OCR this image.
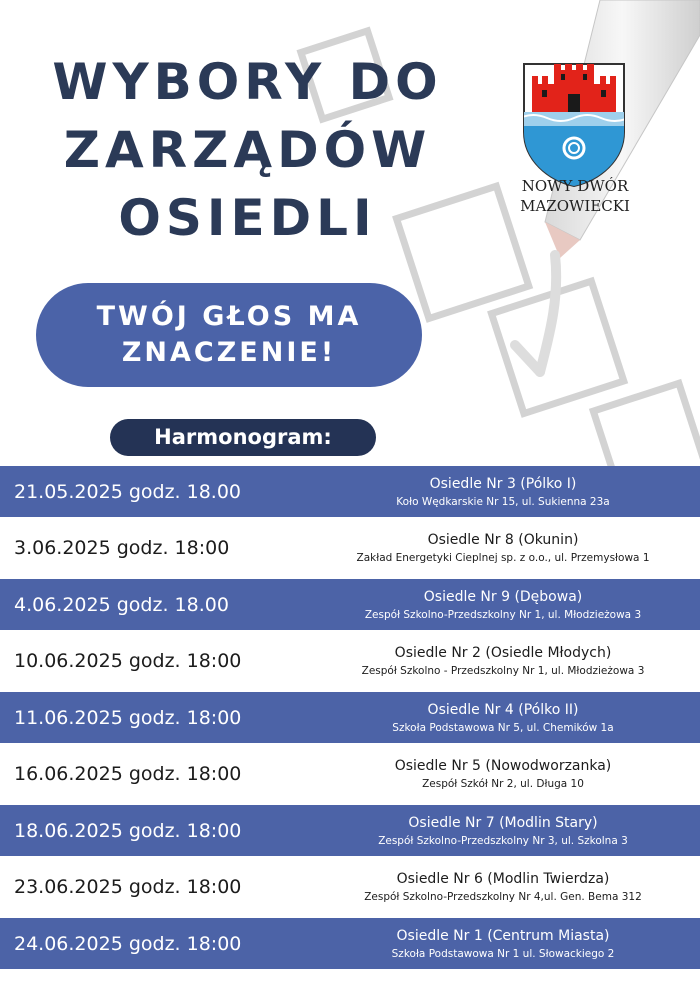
WYBORY DO
ZARZĄDÓW
OSIEDLI
NOWY DWÓR
MAZOWIECKI
TWÓJ GŁOS MA
ZNACZENIE!
Harmonogram:
21.05.2025 godz. 18.00	Osiedle Nr 3 (Pólko I)
Koło Wędkarskie Nr 15, ul. Sukienna 23a
3.06.2025 godz. 18:00	Osiedle Nr 8 (Okunin)
Zakład Energetyki Cieplnej sp. z o.o., ul. Przemysłowa 1
4.06.2025 godz. 18.00	Osiedle Nr 9 (Dębowa)
Zespół Szkolno-Przedszkolny Nr 1, ul. Młodzieżowa 3
10.06.2025 godz. 18:00	Osiedle Nr 2 (Osiedle Młodych)
Zespół Szkolno - Przedszkolny Nr 1, ul. Młodzieżowa 3
11.06.2025 godz. 18:00	Osiedle Nr 4 (Pólko II)
Szkoła Podstawowa Nr 5, ul. Chemików 1a
16.06.2025 godz. 18:00	Osiedle Nr 5 (Nowodworzanka)
Zespół Szkół Nr 2, ul. Długa 10
18.06.2025 godz. 18:00	Osiedle Nr 7 (Modlin Stary)
Zespół Szkolno-Przedszkolny Nr 3, ul. Szkolna 3
23.06.2025 godz. 18:00	Osiedle Nr 6 (Modlin Twierdza)
Zespół Szkolno-Przedszkolny Nr 4,ul. Gen. Bema 312
24.06.2025 godz. 18:00	Osiedle Nr 1 (Centrum Miasta)
Szkoła Podstawowa Nr 1 ul. Słowackiego 2
